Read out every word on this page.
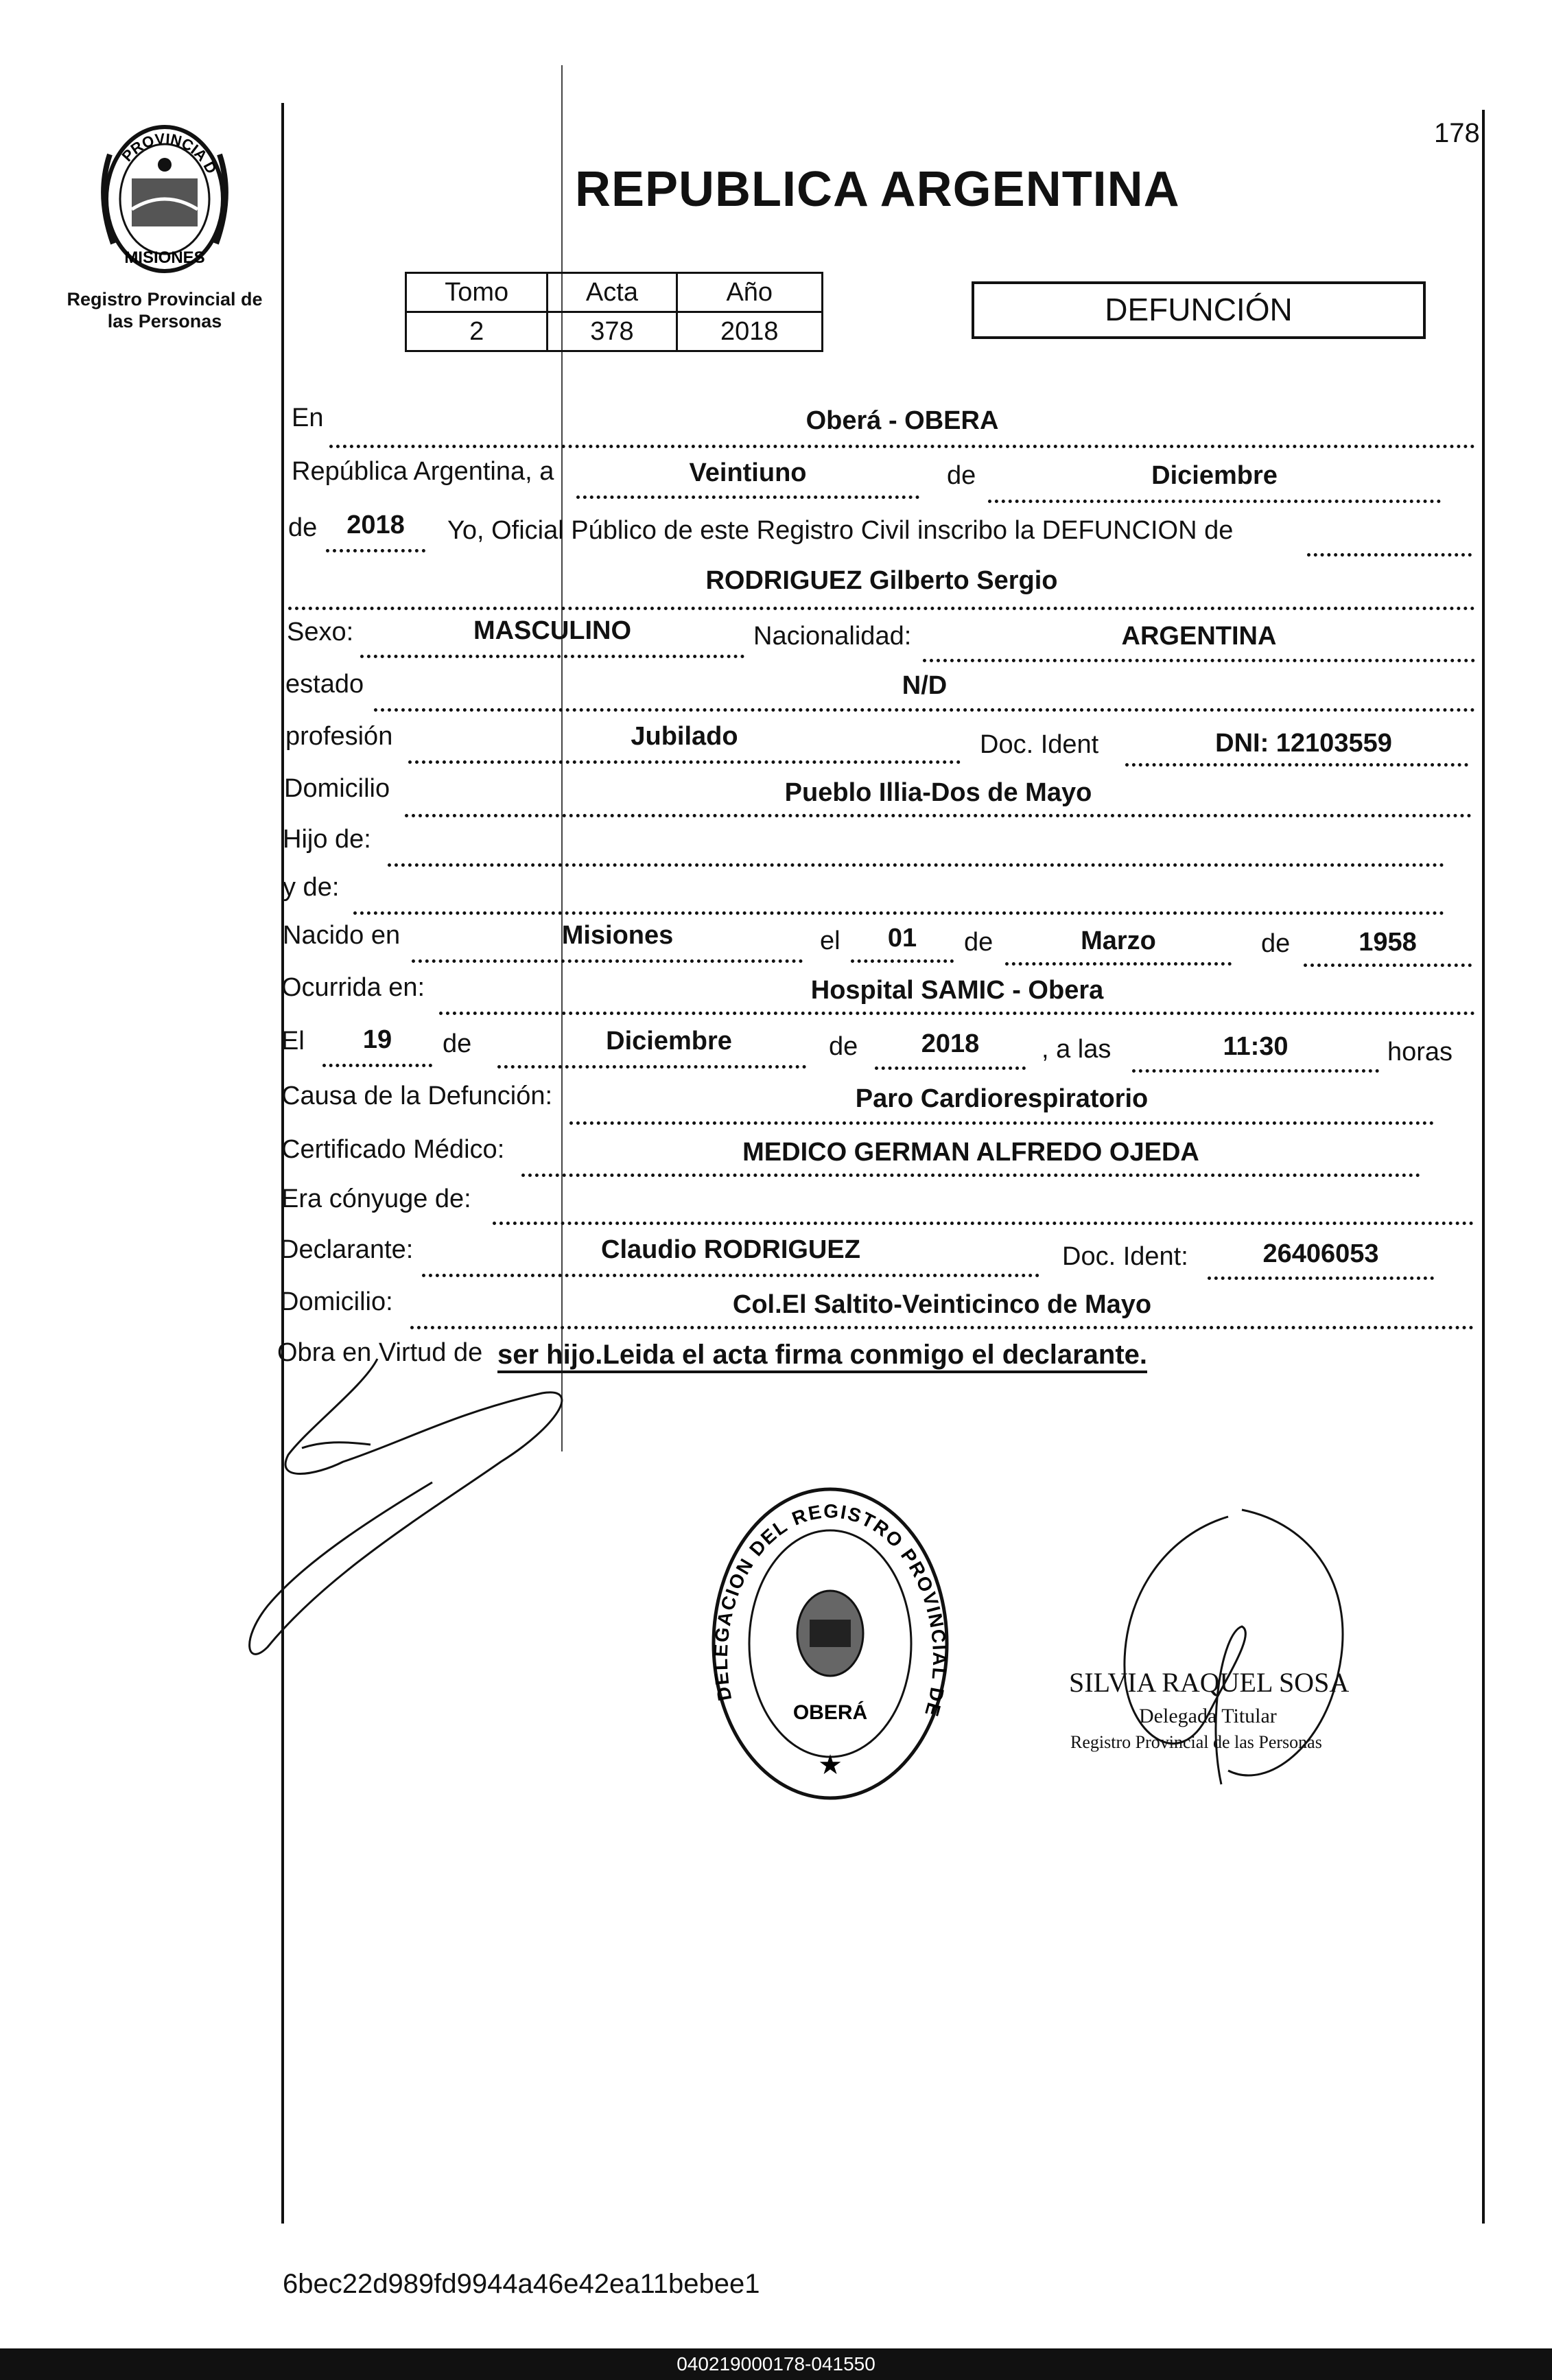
PROVINCIA D
MISIONES
Registro Provincial de
las Personas
178
REPUBLICA ARGENTINA
Tomo	Acta	Año
2	378	2018
DEFUNCIÓN
En	Oberá - OBERA
República Argentina, a	Veintiuno	de	Diciembre
de	2018	Yo, Oficial Público de este Registro Civil inscribo la DEFUNCION de
RODRIGUEZ Gilberto Sergio
Sexo:	MASCULINO	Nacionalidad:	ARGENTINA
estado	N/D
profesión	Jubilado	Doc. Ident	DNI: 12103559
Domicilio	Pueblo Illia-Dos de Mayo
Hijo de:
y de:
Nacido en	Misiones	el	01	de	Marzo	de	1958
Ocurrida en:	Hospital SAMIC - Obera
El	19	de	Diciembre	de	2018	, a las	11:30	horas
Causa de la Defunción:	Paro Cardiorespiratorio
Certificado Médico:	MEDICO GERMAN ALFREDO OJEDA
Era cónyuge de:
Declarante:	Claudio RODRIGUEZ	Doc. Ident:	26406053
Domicilio:	Col.El Saltito-Veinticinco de Mayo
Obra en Virtud de ser hijo.Leida el acta firma conmigo el declarante.
DELEGACION DEL REGISTRO PROVINCIAL DE
OBERÁ
★
SILVIA RAQUEL SOSA
Delegada Titular
Registro Provincial de las Personas
6bec22d989fd9944a46e42ea11bebee1
040219000178-041550
